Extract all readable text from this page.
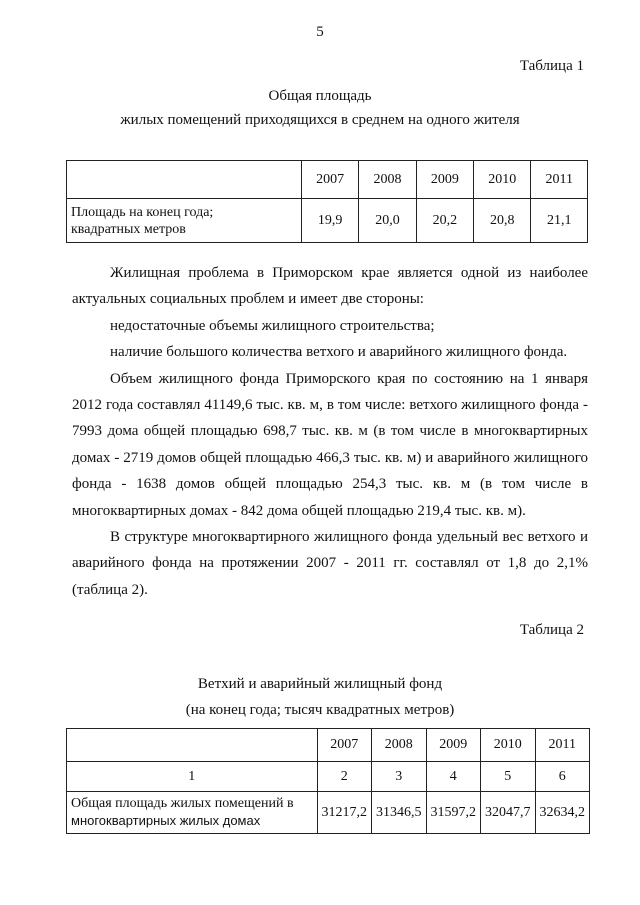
5
Таблица 1
Общая площадь
жилых помещений приходящихся в среднем на одного жителя
	2007	2008	2009	2010	2011
Площадь на конец года;
квадратных метров	19,9	20,0	20,2	20,8	21,1

Жилищная проблема в Приморском крае является одной из наиболее актуальных социальных проблем и имеет две стороны:

недостаточные объемы жилищного строительства;

наличие большого количества ветхого и аварийного жилищного фонда.

Объем жилищного фонда Приморского края по состоянию на 1 января 2012 года составлял 41149,6 тыс. кв. м, в том числе: ветхого жилищного фонда - 7993 дома общей площадью 698,7 тыс. кв. м (в том числе в многоквартирных домах - 2719 домов общей площадью 466,3 тыс. кв. м) и аварийного жилищного фонда - 1638 домов общей площадью 254,3 тыс. кв. м (в том числе в многоквартирных домах - 842 дома общей площадью 219,4 тыс. кв. м).

В структуре многоквартирного жилищного фонда удельный вес ветхого и аварийного фонда на протяжении 2007 - 2011 гг. составлял от 1,8 до 2,1% (таблица 2).

Таблица 2
Ветхий и аварийный жилищный фонд
(на конец года; тысяч квадратных метров)
	2007	2008	2009	2010	2011
1	2	3	4	5	6
Общая площадь жилых помещений в
многоквартирных жилых домах	31217,2	31346,5	31597,2	32047,7	32634,2
